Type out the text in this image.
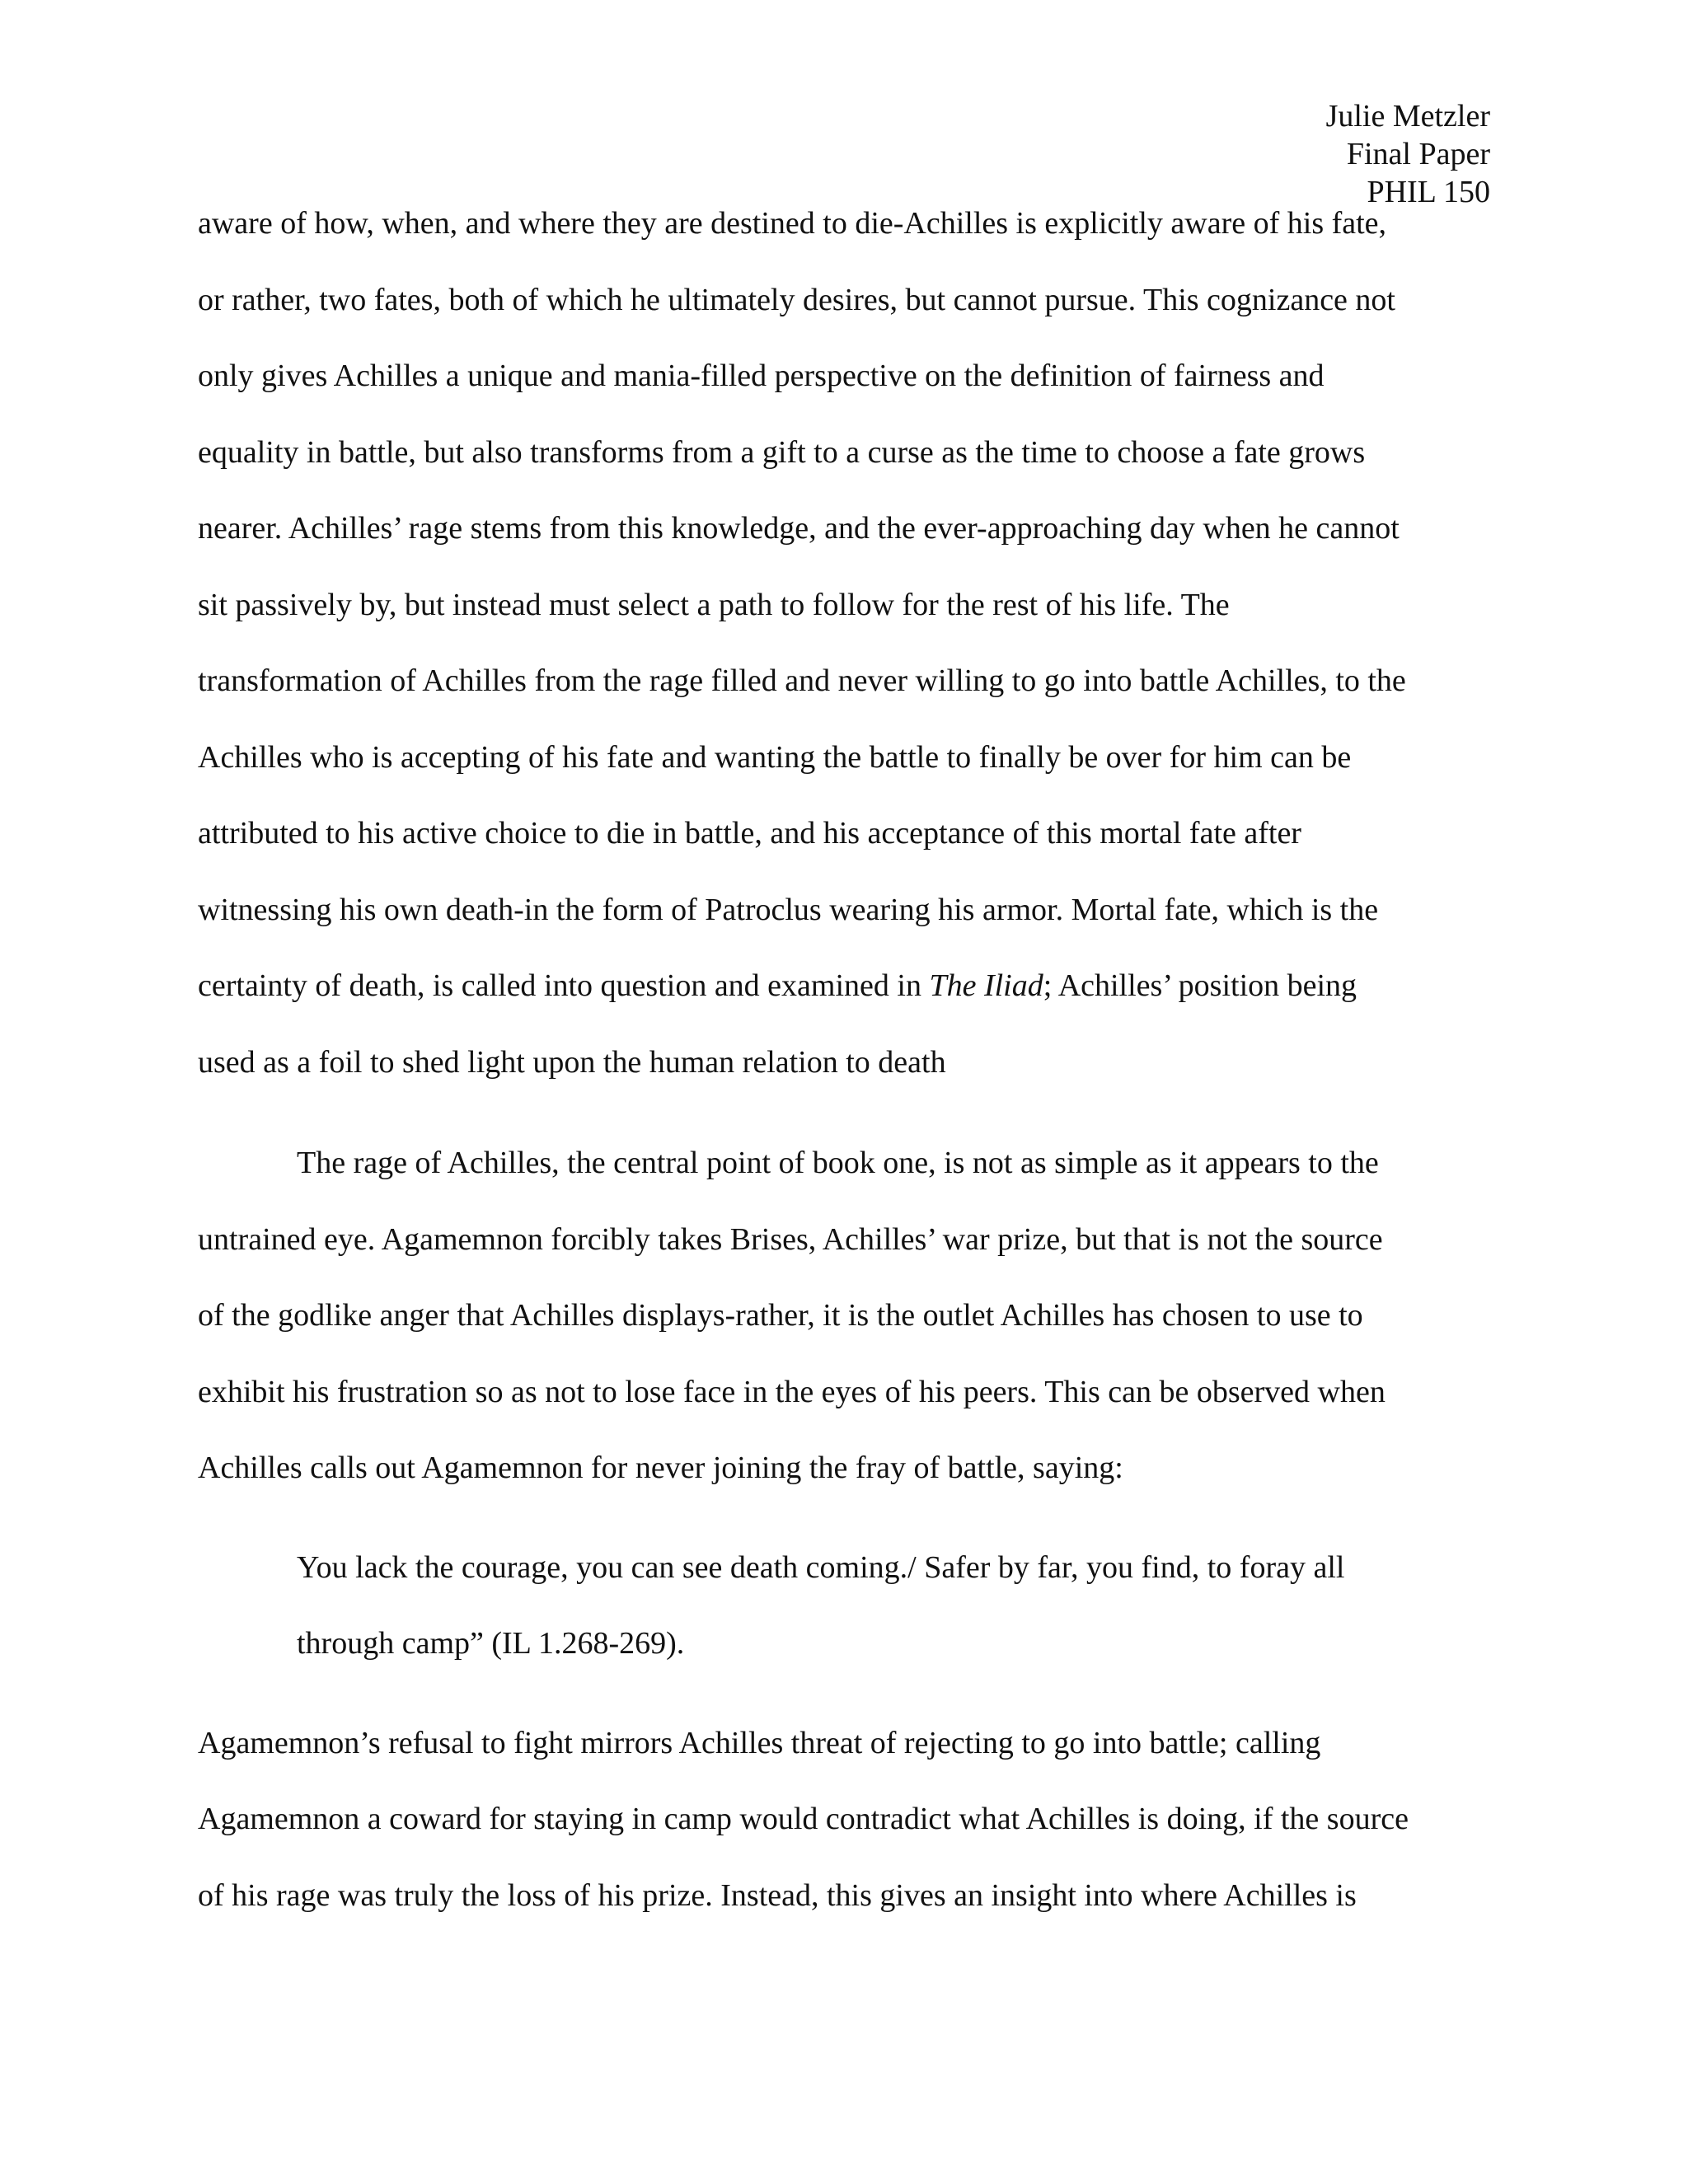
Julie Metzler
Final Paper
PHIL 150
aware of how, when, and where they are destined to die-Achilles is explicitly aware of his fate,
or rather, two fates, both of which he ultimately desires, but cannot pursue. This cognizance not
only gives Achilles a unique and mania-filled perspective on the definition of fairness and
equality in battle, but also transforms from a gift to a curse as the time to choose a fate grows
nearer. Achilles’ rage stems from this knowledge, and the ever-approaching day when he cannot
sit passively by, but instead must select a path to follow for the rest of his life. The
transformation of Achilles from the rage filled and never willing to go into battle Achilles, to the
Achilles who is accepting of his fate and wanting the battle to finally be over for him can be
attributed to his active choice to die in battle, and his acceptance of this mortal fate after
witnessing his own death-in the form of Patroclus wearing his armor. Mortal fate, which is the
certainty of death, is called into question and examined in The Iliad; Achilles’ position being
used as a foil to shed light upon the human relation to death
The rage of Achilles, the central point of book one, is not as simple as it appears to the
untrained eye. Agamemnon forcibly takes Brises, Achilles’ war prize, but that is not the source
of the godlike anger that Achilles displays-rather, it is the outlet Achilles has chosen to use to
exhibit his frustration so as not to lose face in the eyes of his peers. This can be observed when
Achilles calls out Agamemnon for never joining the fray of battle, saying:
You lack the courage, you can see death coming./ Safer by far, you find, to foray all
through camp” (IL 1.268-269).
Agamemnon’s refusal to fight mirrors Achilles threat of rejecting to go into battle; calling
Agamemnon a coward for staying in camp would contradict what Achilles is doing, if the source
of his rage was truly the loss of his prize. Instead, this gives an insight into where Achilles is
